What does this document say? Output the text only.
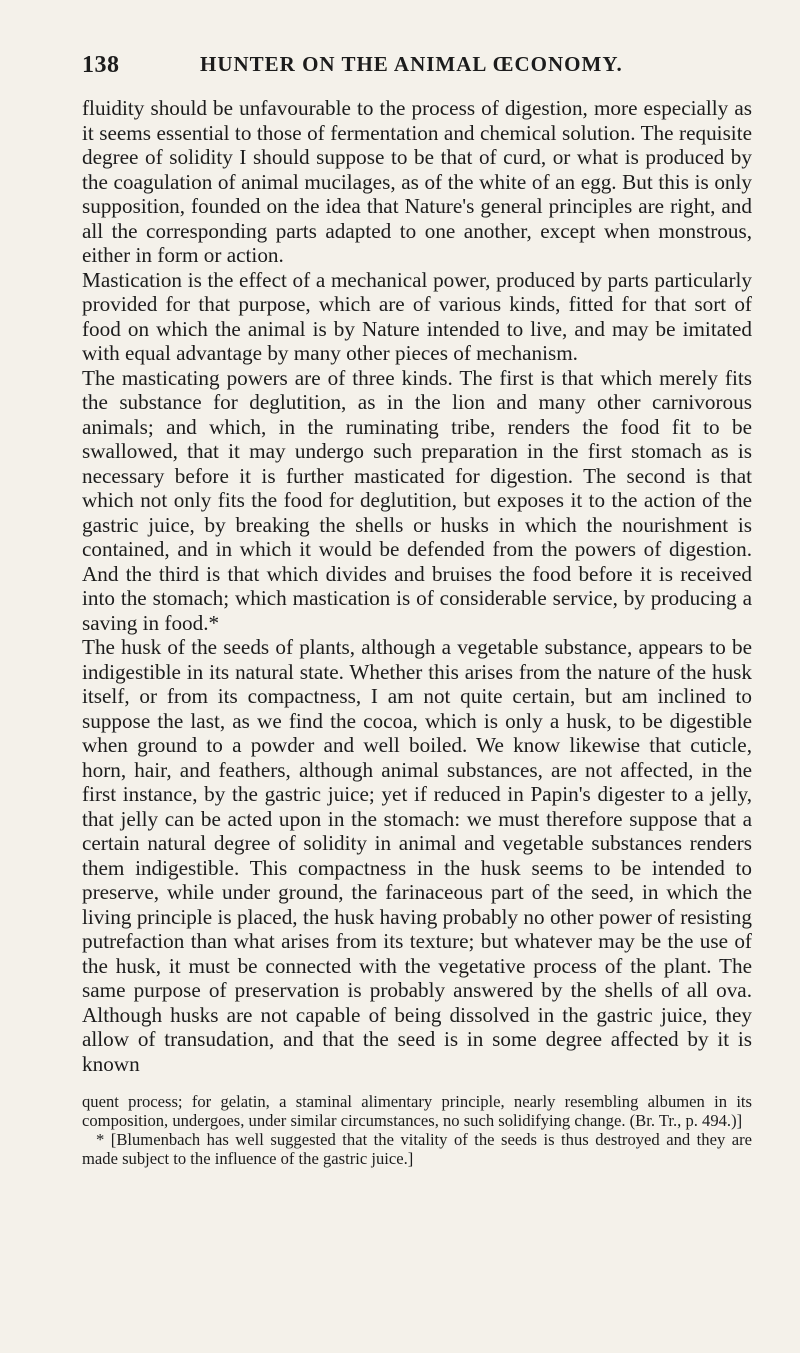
138	HUNTER ON THE ANIMAL ŒCONOMY.

fluidity should be unfavourable to the process of digestion, more especially as it seems essential to those of fermentation and chemical solution. The requisite degree of solidity I should suppose to be that of curd, or what is produced by the coagulation of animal mucilages, as of the white of an egg. But this is only supposition, founded on the idea that Nature's general principles are right, and all the corresponding parts adapted to one another, except when monstrous, either in form or action.

Mastication is the effect of a mechanical power, produced by parts particularly provided for that purpose, which are of various kinds, fitted for that sort of food on which the animal is by Nature intended to live, and may be imitated with equal advantage by many other pieces of mechanism.

The masticating powers are of three kinds. The first is that which merely fits the substance for deglutition, as in the lion and many other carnivorous animals; and which, in the ruminating tribe, renders the food fit to be swallowed, that it may undergo such preparation in the first stomach as is necessary before it is further masticated for digestion. The second is that which not only fits the food for deglutition, but exposes it to the action of the gastric juice, by breaking the shells or husks in which the nourishment is contained, and in which it would be defended from the powers of digestion. And the third is that which divides and bruises the food before it is received into the stomach; which mastication is of considerable service, by producing a saving in food.*

The husk of the seeds of plants, although a vegetable substance, appears to be indigestible in its natural state. Whether this arises from the nature of the husk itself, or from its compactness, I am not quite certain, but am inclined to suppose the last, as we find the cocoa, which is only a husk, to be digestible when ground to a powder and well boiled. We know likewise that cuticle, horn, hair, and feathers, although animal substances, are not affected, in the first instance, by the gastric juice; yet if reduced in Papin's digester to a jelly, that jelly can be acted upon in the stomach: we must therefore suppose that a certain natural degree of solidity in animal and vegetable substances renders them indigestible. This compactness in the husk seems to be intended to preserve, while under ground, the farinaceous part of the seed, in which the living principle is placed, the husk having probably no other power of resisting putrefaction than what arises from its texture; but whatever may be the use of the husk, it must be connected with the vegetative process of the plant. The same purpose of preservation is probably answered by the shells of all ova. Although husks are not capable of being dissolved in the gastric juice, they allow of transudation, and that the seed is in some degree affected by it is known

quent process; for gelatin, a staminal alimentary principle, nearly resembling albumen in its composition, undergoes, under similar circumstances, no such solidifying change. (Br. Tr., p. 494.)]

* [Blumenbach has well suggested that the vitality of the seeds is thus destroyed and they are made subject to the influence of the gastric juice.]
